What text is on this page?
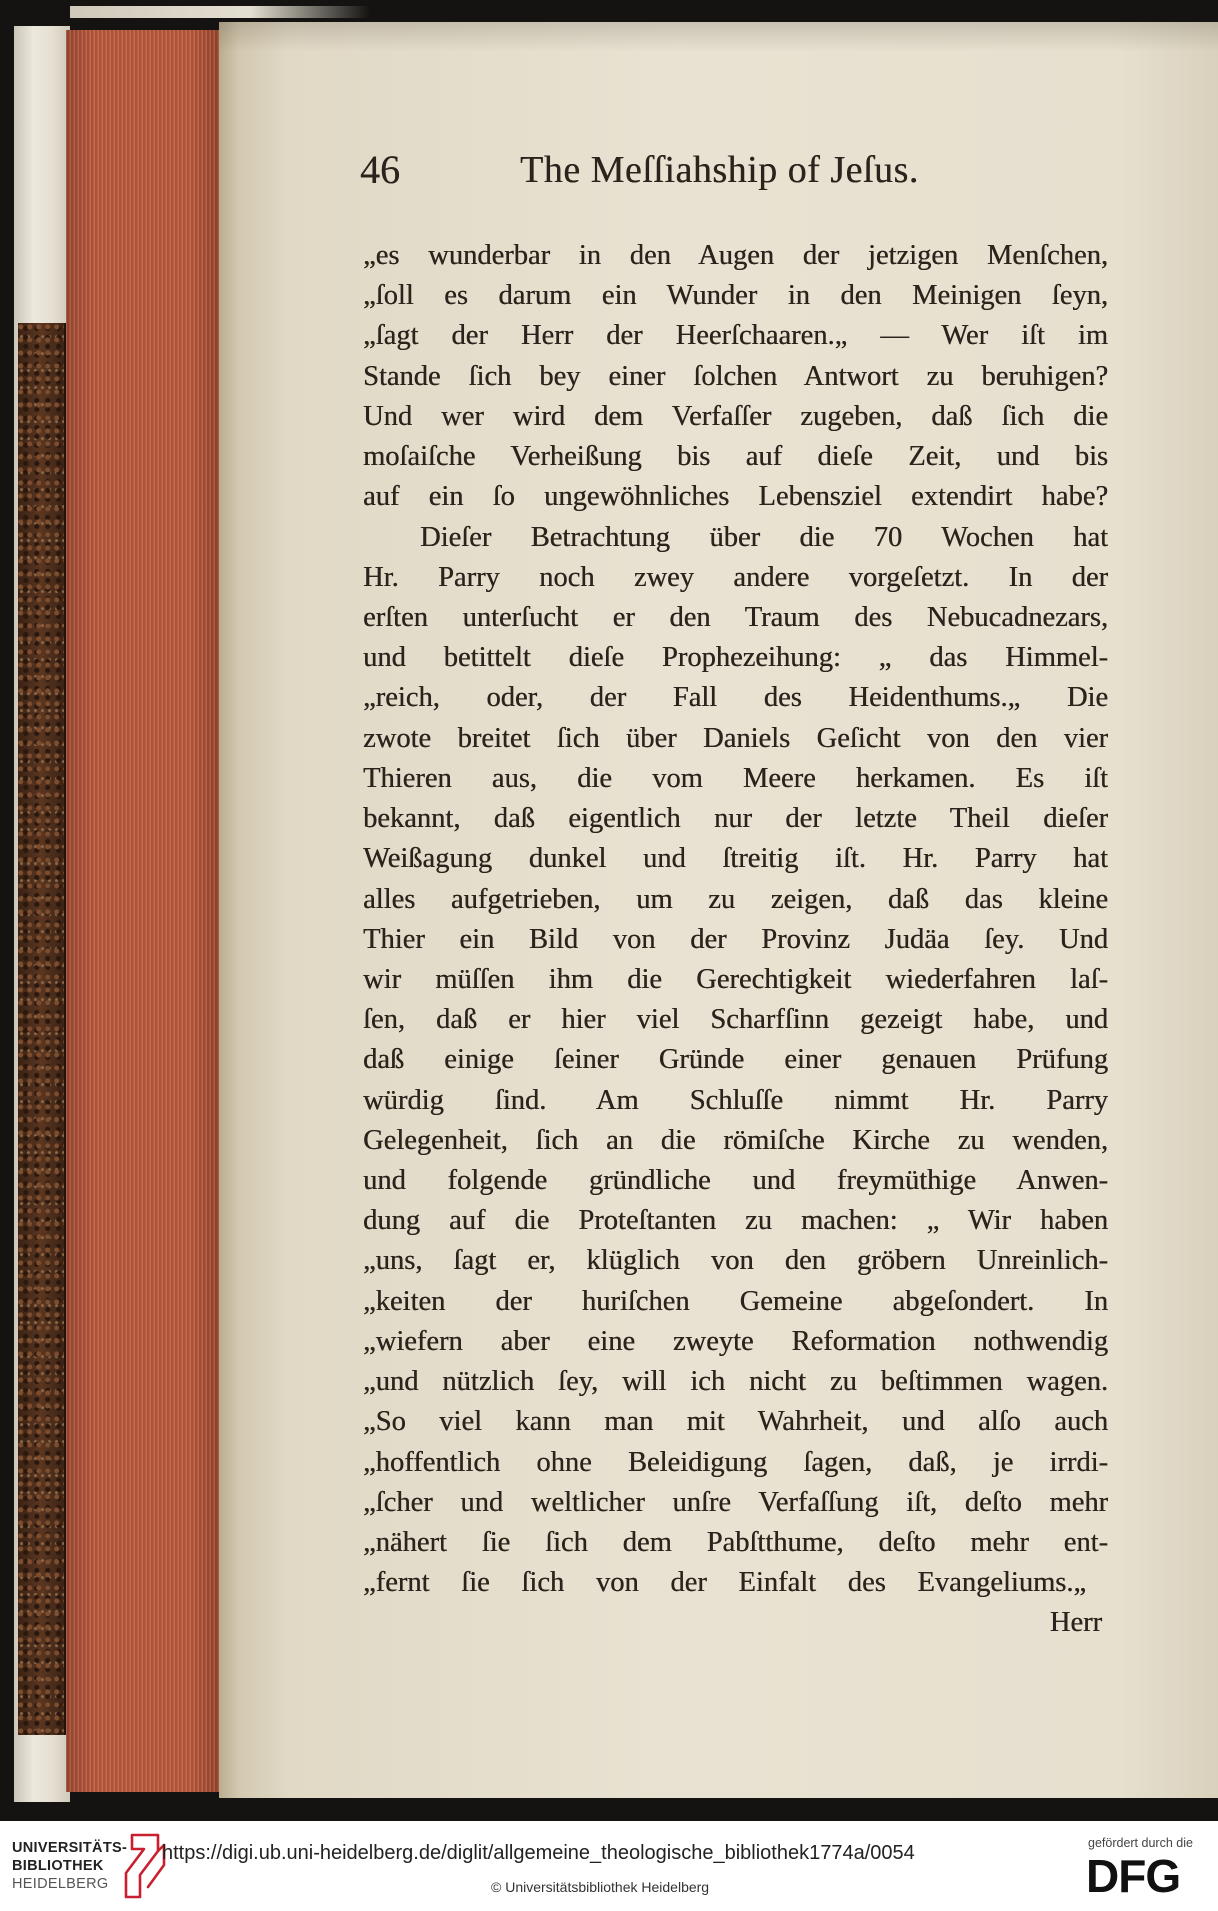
46	The Meſſiahship of Jeſus.
„es wunderbar in den Augen der jetzigen Menſchen,
„ſoll es darum ein Wunder in den Meinigen ſeyn,
„ſagt der Herr der Heerſchaaren.„ — Wer iſt im
Stande ſich bey einer ſolchen Antwort zu beruhigen?
Und wer wird dem Verfaſſer zugeben, daß ſich die
moſaiſche Verheißung bis auf dieſe Zeit, und bis
auf ein ſo ungewöhnliches Lebensziel extendirt habe?
Dieſer Betrachtung über die 70 Wochen hat
Hr. Parry noch zwey andere vorgeſetzt. In der
erſten unterſucht er den Traum des Nebucadnezars,
und betittelt dieſe Prophezeihung: „ das Himmel-
„reich, oder, der Fall des Heidenthums.„ Die
zwote breitet ſich über Daniels Geſicht von den vier
Thieren aus, die vom Meere herkamen. Es iſt
bekannt, daß eigentlich nur der letzte Theil dieſer
Weißagung dunkel und ſtreitig iſt. Hr. Parry hat
alles aufgetrieben, um zu zeigen, daß das kleine
Thier ein Bild von der Provinz Judäa ſey. Und
wir müſſen ihm die Gerechtigkeit wiederfahren laſ-
ſen, daß er hier viel Scharfſinn gezeigt habe, und
daß einige ſeiner Gründe einer genauen Prüfung
würdig ſind. Am Schluſſe nimmt Hr. Parry
Gelegenheit, ſich an die römiſche Kirche zu wenden,
und folgende gründliche und freymüthige Anwen-
dung auf die Proteſtanten zu machen: „ Wir haben
„uns, ſagt er, klüglich von den gröbern Unreinlich-
„keiten der huriſchen Gemeine abgeſondert. In
„wiefern aber eine zweyte Reformation nothwendig
„und nützlich ſey, will ich nicht zu beſtimmen wagen.
„So viel kann man mit Wahrheit, und alſo auch
„hoffentlich ohne Beleidigung ſagen, daß, je irrdi-
„ſcher und weltlicher unſre Verfaſſung iſt, deſto mehr
„nähert ſie ſich dem Pabſtthume, deſto mehr ent-
„fernt ſie ſich von der Einfalt des Evangeliums.„
Herr
UNIVERSITÄTS-
BIBLIOTHEK
HEIDELBERG
https://digi.ub.uni-heidelberg.de/diglit/allgemeine_theologische_bibliothek1774a/0054
© Universitätsbibliothek Heidelberg
gefördert durch die
DFG
